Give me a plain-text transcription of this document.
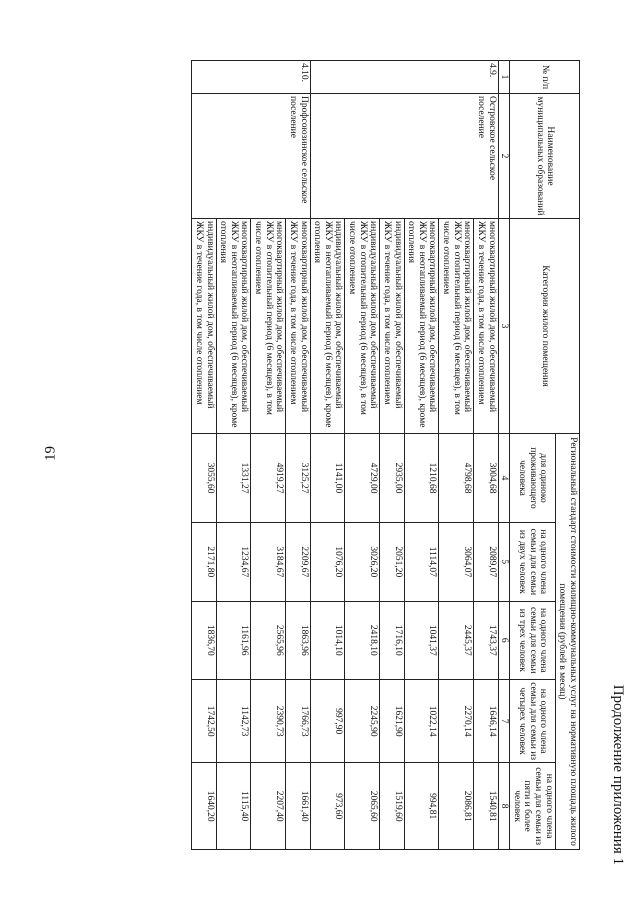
19
Продолжение приложения 1
№ п/п	Наименование муниципальных образований	Категория жилого помещения	Региональный стандарт стоимости жилищно-коммунальных услуг на нормативную площадь жилого помещения (рублей в месяц)				
			для одиноко проживающего человека	на одного члена семьи для семьи из двух человек	на одного члена семьи для семьи из трех человек	на одного члена семьи для семьи из четырех человек	на одного члена семьи для семьи из пяти и более человек
1	2	3	4	5	6	7	8
4.9.	Островское сельское поселение	многоквартирный жилой дом, обеспечиваемый ЖКУ в течение года, в том числе отоплением	3004,68	2089,07	1743,37	1646,14	1540,81
		многоквартирный жилой дом, обеспечиваемый ЖКУ в отопительный период (6 месяцев), в том числе отоплением	4798,68	3064,07	2445,37	2270,14	2086,81
		многоквартирный жилой дом, обеспечиваемый ЖКУ в неотапливаемый период (6 месяцев), кроме отопления	1210,68	1114,07	1041,37	1022,14	994,81
		индивидуальный жилой дом, обеспечиваемый ЖКУ в течение года, в том числе отоплением	2935,00	2051,20	1716,10	1621,90	1519,60
		индивидуальный жилой дом, обеспечиваемый ЖКУ в отопительный период (6 месяцев), в том числе отоплением	4729,00	3026,20	2418,10	2245,90	2065,60
		индивидуальный жилой дом, обеспечиваемый ЖКУ в неотапливаемый период (6 месяцев), кроме отопления	1141,00	1076,20	1014,10	997,90	973,60
4.10.	Профсоюзинское сельское поселение	многоквартирный жилой дом, обеспечиваемый ЖКУ в течение года, в том числе отоплением	3125,27	2209,67	1863,96	1766,73	1661,40
		многоквартирный жилой дом, обеспечиваемый ЖКУ в отопительный период (6 месяцев), в том числе отоплением	4919,27	3184,67	2565,96	2390,73	2207,40
		многоквартирный жилой дом, обеспечиваемый ЖКУ в неотапливаемый период (6 месяцев), кроме отопления	1331,27	1234,67	1161,96	1142,73	1115,40
		индивидуальный жилой дом, обеспечиваемый ЖКУ в течение года, в том числе отоплением	3055,60	2171,80	1836,70	1742,50	1640,20
